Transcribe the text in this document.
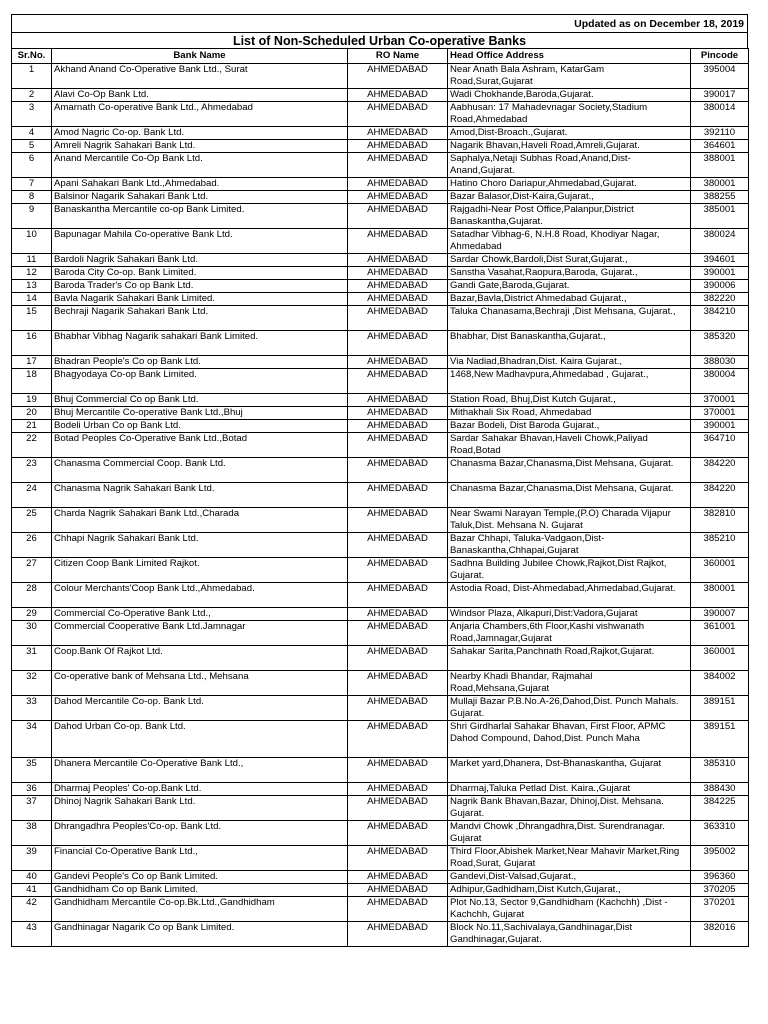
Updated as on December 18, 2019
List of Non-Scheduled Urban Co-operative Banks
Sr.No.	Bank Name	RO Name	Head Office Address	Pincode
1	Akhand Anand Co-Operative Bank Ltd., Surat	AHMEDABAD	Near Anath Bala Ashram, KatarGam Road,Surat,Gujarat	395004
2	Alavi Co-Op Bank Ltd.	AHMEDABAD	Wadi Chokhande,Baroda,Gujarat.	390017
3	Amarnath Co-operative Bank Ltd., Ahmedabad	AHMEDABAD	Aabhusan: 17 Mahadevnagar Society,Stadium Road,Ahmedabad	380014
4	Amod Nagric Co-op. Bank Ltd.	AHMEDABAD	Amod,Dist-Broach.,Gujarat.	392110
5	Amreli Nagrik Sahakari Bank Ltd.	AHMEDABAD	Nagarik Bhavan,Haveli Road,Amreli,Gujarat.	364601
6	Anand Mercantile Co-Op Bank Ltd.	AHMEDABAD	Saphalya,Netaji Subhas Road,Anand,Dist-Anand,Gujarat.	388001
7	Apani Sahakari Bank Ltd.,Ahmedabad.	AHMEDABAD	Hatino Choro Dariapur,Ahmedabad,Gujarat.	380001
8	Balsinor Nagarik Sahakari Bank Ltd.	AHMEDABAD	Bazar Balasor,Dist-Kaira,Gujarat.,	388255
9	Banaskantha Mercantile co-op Bank Limited.	AHMEDABAD	Rajgadhi-Near Post Office,Palanpur,District Banaskantha,Gujarat.	385001
10	Bapunagar Mahila Co-operative Bank Ltd.	AHMEDABAD	Satadhar Vibhag-6, N.H.8 Road, Khodiyar Nagar, Ahmedabad	380024
11	Bardoli Nagrik Sahakari Bank Ltd.	AHMEDABAD	Sardar Chowk,Bardoli,Dist Surat,Gujarat.,	394601
12	Baroda City Co-op. Bank Limited.	AHMEDABAD	Sanstha Vasahat,Raopura,Baroda, Gujarat.,	390001
13	Baroda Trader's Co op Bank Ltd.	AHMEDABAD	Gandi Gate,Baroda,Gujarat.	390006
14	Bavla Nagarik Sahakari Bank Limited.	AHMEDABAD	Bazar,Bavla,District Ahmedabad Gujarat.,	382220
15	Bechraji Nagarik Sahakari Bank Ltd.	AHMEDABAD	Taluka Chanasama,Bechraji ,Dist Mehsana, Gujarat.,	384210
16	Bhabhar Vibhag Nagarik sahakari Bank Limited.	AHMEDABAD	Bhabhar, Dist Banaskantha,Gujarat.,	385320
17	Bhadran People's Co op Bank Ltd.	AHMEDABAD	Via Nadiad,Bhadran,Dist. Kaira Gujarat.,	388030
18	Bhagyodaya Co-op Bank Limited.	AHMEDABAD	1468,New Madhavpura,Ahmedabad , Gujarat.,	380004
19	Bhuj Commercial Co op Bank Ltd.	AHMEDABAD	Station Road, Bhuj,Dist Kutch Gujarat.,	370001
20	Bhuj Mercantile Co-operative Bank Ltd.,Bhuj	AHMEDABAD	Mithakhali Six Road, Ahmedabad	370001
21	Bodeli Urban Co op Bank Ltd.	AHMEDABAD	Bazar Bodeli, Dist Baroda Gujarat.,	390001
22	Botad Peoples Co-Operative Bank Ltd.,Botad	AHMEDABAD	Sardar Sahakar Bhavan,Haveli Chowk,Paliyad Road,Botad	364710
23	Chanasma Commercial Coop. Bank Ltd.	AHMEDABAD	Chanasma Bazar,Chanasma,Dist Mehsana, Gujarat.	384220
24	Chanasma Nagrik Sahakari Bank Ltd.	AHMEDABAD	Chanasma Bazar,Chanasma,Dist Mehsana, Gujarat.	384220
25	Charda Nagrik Sahakari Bank Ltd.,Charada	AHMEDABAD	Near Swami Narayan Temple,(P.O) Charada Vijapur Taluk,Dist. Mehsana N. Gujarat	382810
26	Chhapi Nagrik Sahakari Bank Ltd.	AHMEDABAD	Bazar Chhapi, Taluka-Vadgaon,Dist-Banaskantha,Chhapai,Gujarat	385210
27	Citizen Coop Bank Limited Rajkot.	AHMEDABAD	Sadhna Building Jubilee Chowk,Rajkot,Dist Rajkot, Gujarat.	360001
28	Colour Merchants'Coop Bank Ltd.,Ahmedabad.	AHMEDABAD	Astodia Road, Dist-Ahmedabad,Ahmedabad,Gujarat.	380001
29	Commercial Co-Operative Bank Ltd.,	AHMEDABAD	Windsor Plaza, Alkapuri,Dist:Vadora,Gujarat	390007
30	Commercial Cooperative Bank Ltd.Jamnagar	AHMEDABAD	Anjaria Chambers,6th Floor,Kashi vishwanath Road,Jamnagar,Gujarat	361001
31	Coop.Bank Of Rajkot Ltd.	AHMEDABAD	Sahakar Sarita,Panchnath Road,Rajkot,Gujarat.	360001
32	Co-operative bank of Mehsana Ltd., Mehsana	AHMEDABAD	Nearby Khadi Bhandar, Rajmahal Road,Mehsana,Gujarat	384002
33	Dahod Mercantile Co-op. Bank Ltd.	AHMEDABAD	Mullaji Bazar P.B.No.A-26,Dahod,Dist. Punch Mahals. Gujarat.	389151
34	Dahod Urban Co-op. Bank Ltd.	AHMEDABAD	Shri Girdharlal Sahakar Bhavan, First Floor, APMC Dahod Compound, Dahod,Dist. Punch Maha	389151
35	Dhanera Mercantile Co-Operative Bank Ltd.,	AHMEDABAD	Market yard,Dhanera, Dst-Bhanaskantha, Gujarat	385310
36	Dharmaj Peoples' Co-op.Bank Ltd.	AHMEDABAD	Dharmaj,Taluka Petlad Dist. Kaira.,Gujarat	388430
37	Dhinoj Nagrik Sahakari Bank Ltd.	AHMEDABAD	Nagrik Bank Bhavan,Bazar, Dhinoj,Dist. Mehsana. Gujarat.	384225
38	Dhrangadhra Peoples'Co-op. Bank Ltd.	AHMEDABAD	Mandvi Chowk ,Dhrangadhra,Dist. Surendranagar. Gujarat	363310
39	Financial Co-Operative Bank Ltd.,	AHMEDABAD	Third Floor,Abishek Market,Near Mahavir Market,Ring Road,Surat, Gujarat	395002
40	Gandevi People's Co op Bank Limited.	AHMEDABAD	Gandevi,Dist-Valsad,Gujarat.,	396360
41	Gandhidham Co op Bank Limited.	AHMEDABAD	Adhipur,Gadhidham,Dist Kutch,Gujarat.,	370205
42	Gandhidham Mercantile Co-op.Bk.Ltd.,Gandhidham	AHMEDABAD	Plot No.13, Sector 9,Gandhidham (Kachchh) ,Dist - Kachchh, Gujarat	370201
43	Gandhinagar Nagarik Co op Bank Limited.	AHMEDABAD	Block No.11,Sachivalaya,Gandhinagar,Dist Gandhinagar,Gujarat.	382016
